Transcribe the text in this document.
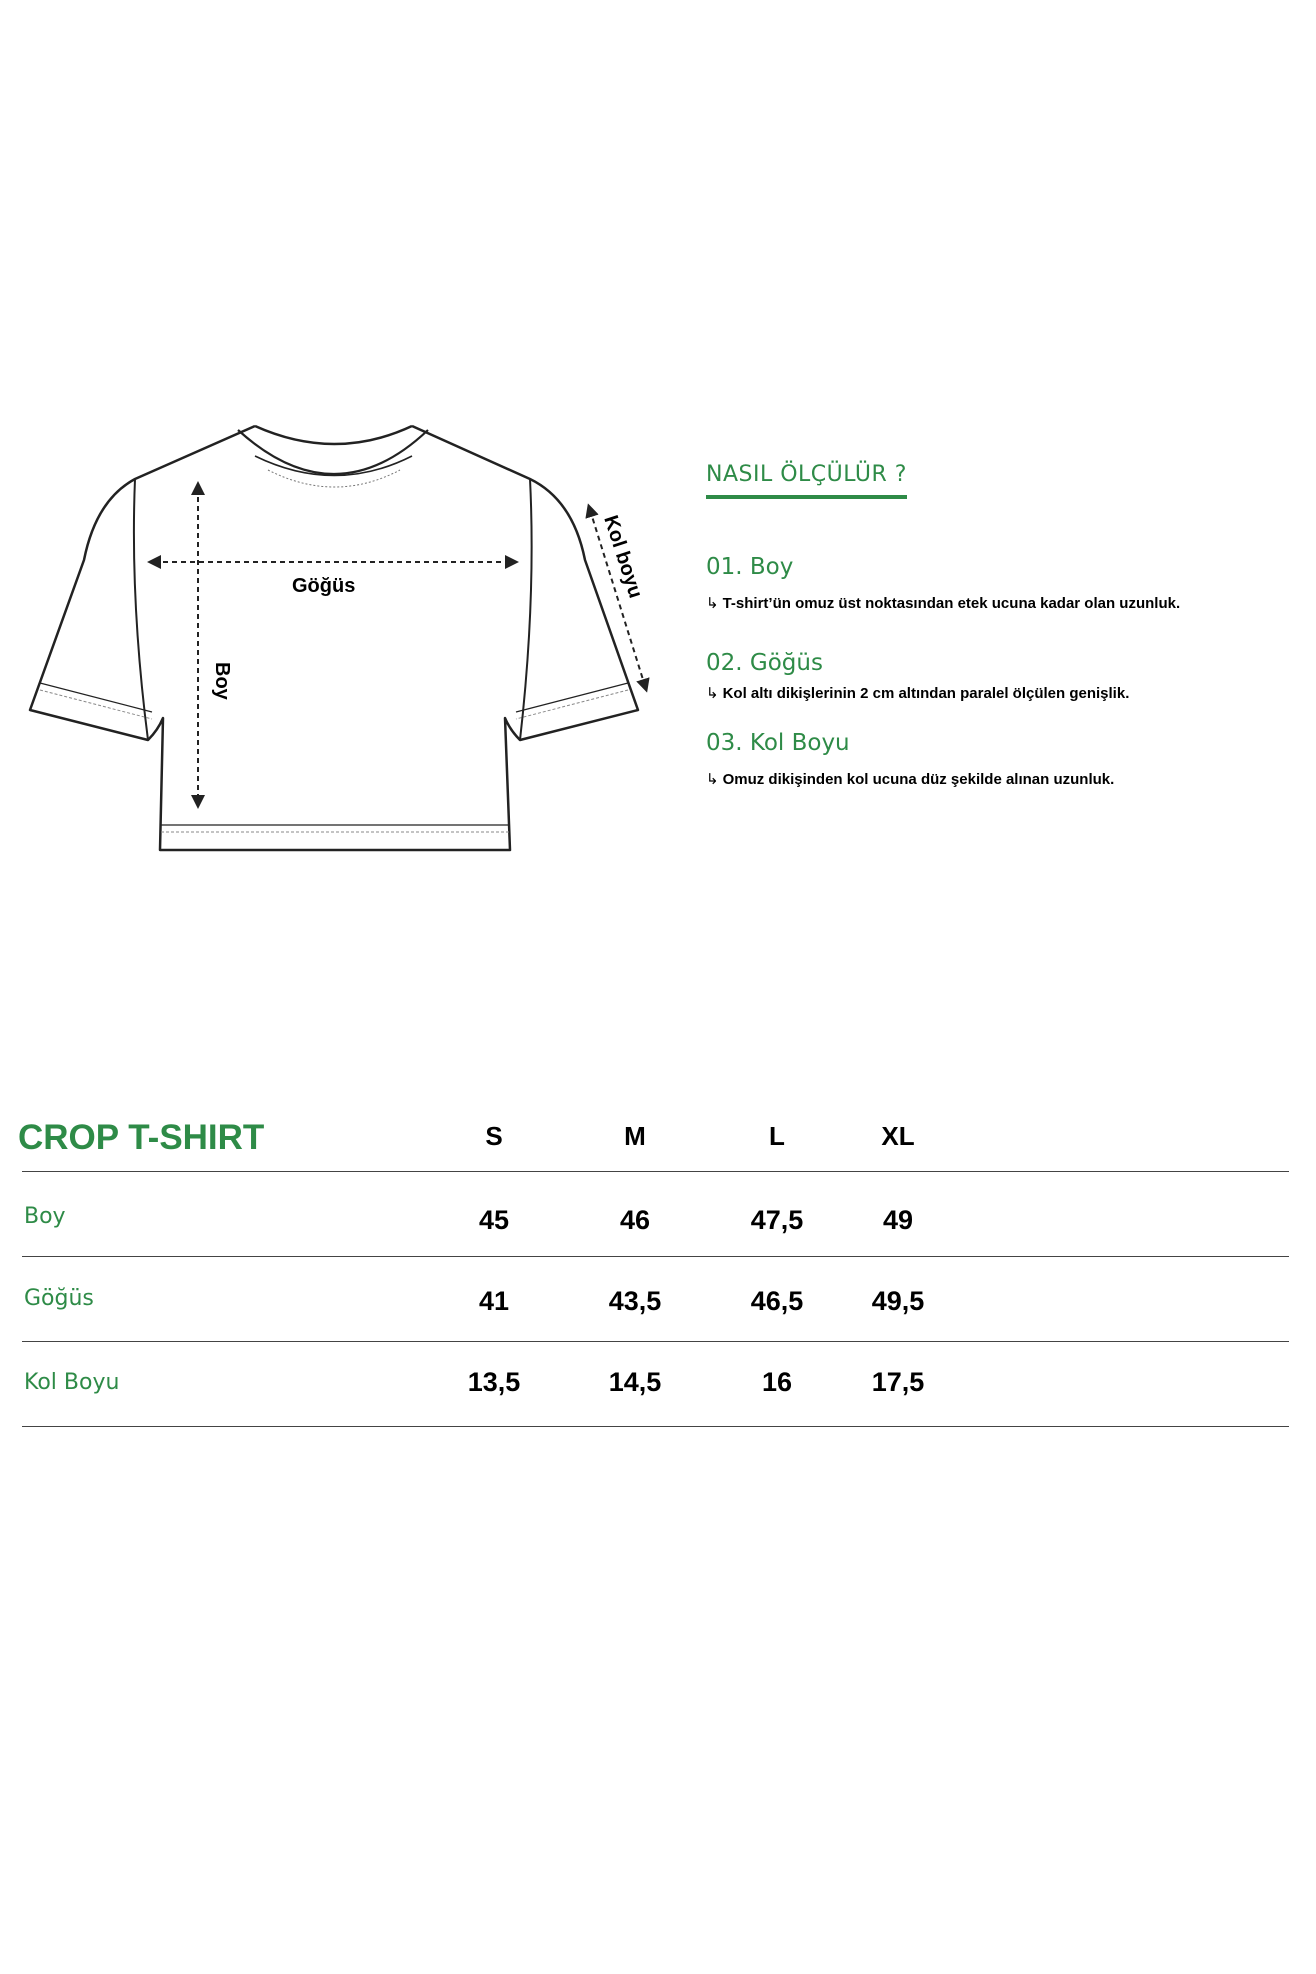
Göğüs
Boy
Kol boyu
NASIL ÖLÇÜLÜR ?
01. Boy
↳ T-shirt’ün omuz üst noktasından etek ucuna kadar olan uzunluk.
02. Göğüs
↳ Kol altı dikişlerinin 2 cm altından paralel ölçülen genişlik.
03. Kol Boyu
↳ Omuz dikişinden kol ucuna düz şekilde alınan uzunluk.
CROP T-SHIRT	S	M	L	XL
Boy	45	46	47,5	49
Göğüs	41	43,5	46,5	49,5
Kol Boyu	13,5	14,5	16	17,5
